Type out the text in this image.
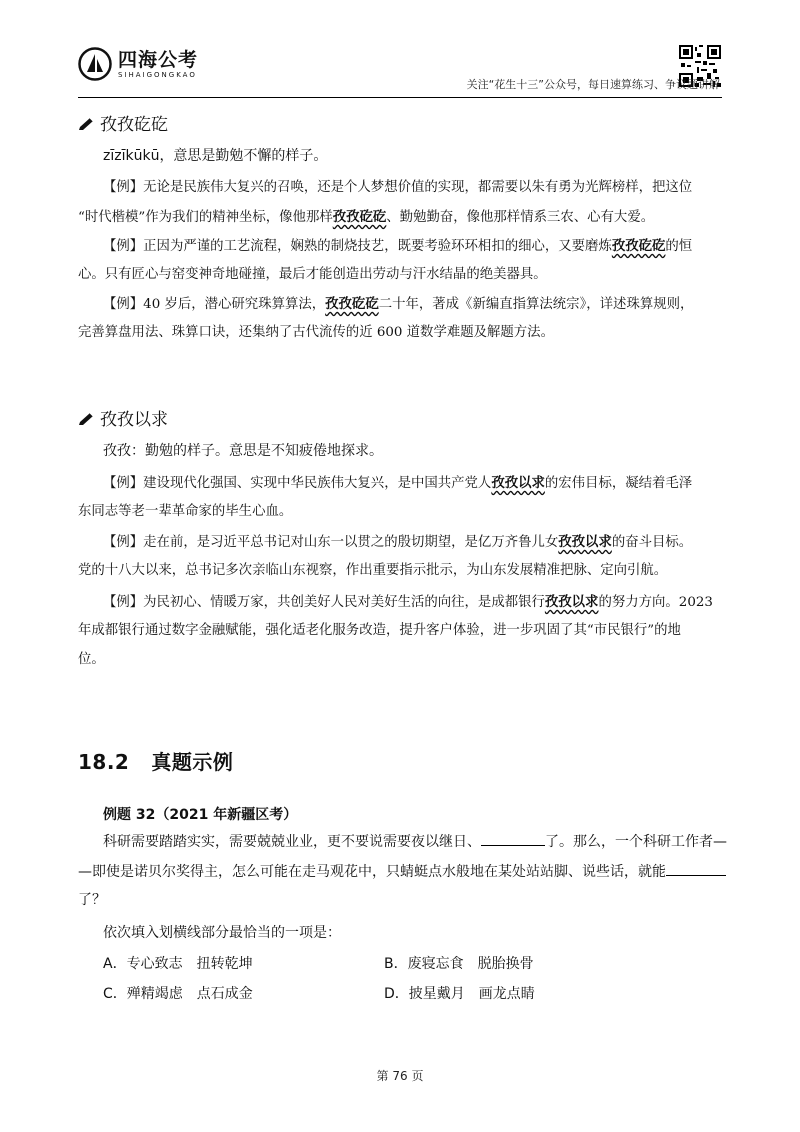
四海公考
SIHAIGONGKAO
关注“花生十三”公众号，每日速算练习、争议题讲解
孜孜矻矻
zīzīkūkū，意思是勤勉不懈的样子。
【例】无论是民族伟大复兴的召唤，还是个人梦想价值的实现，都需要以朱有勇为光辉榜样，把这位
“时代楷模”作为我们的精神坐标，像他那样孜孜矻矻、勤勉勤奋，像他那样情系三农、心有大爱。
【例】正因为严谨的工艺流程，娴熟的制烧技艺，既要考验环环相扣的细心，又要磨炼孜孜矻矻的恒
心。只有匠心与窑变神奇地碰撞，最后才能创造出劳动与汗水结晶的绝美器具。
【例】40 岁后，潜心研究珠算算法，孜孜矻矻二十年，著成《新编直指算法统宗》，详述珠算规则，
完善算盘用法、珠算口诀，还集纳了古代流传的近 600 道数学难题及解题方法。
孜孜以求
孜孜：勤勉的样子。意思是不知疲倦地探求。
【例】建设现代化强国、实现中华民族伟大复兴，是中国共产党人孜孜以求的宏伟目标，凝结着毛泽
东同志等老一辈革命家的毕生心血。
【例】走在前，是习近平总书记对山东一以贯之的殷切期望，是亿万齐鲁儿女孜孜以求的奋斗目标。
党的十八大以来，总书记多次亲临山东视察，作出重要指示批示，为山东发展精准把脉、定向引航。
【例】为民初心、情暖万家，共创美好人民对美好生活的向往，是成都银行孜孜以求的努力方向。2023
年成都银行通过数字金融赋能，强化适老化服务改造，提升客户体验，进一步巩固了其“市民银行”的地
位。
18.2 真题示例
例题 32（2021 年新疆区考）
科研需要踏踏实实，需要兢兢业业，更不要说需要夜以继日、	了。那么，一个科研工作者—
—即使是诺贝尔奖得主，怎么可能在走马观花中，只蜻蜓点水般地在某处站站脚、说些话，就能
了？
依次填入划横线部分最恰当的一项是：
A．专心致志　扭转乾坤	B．废寝忘食　脱胎换骨
C．殚精竭虑　点石成金	D．披星戴月　画龙点睛
第 76 页
